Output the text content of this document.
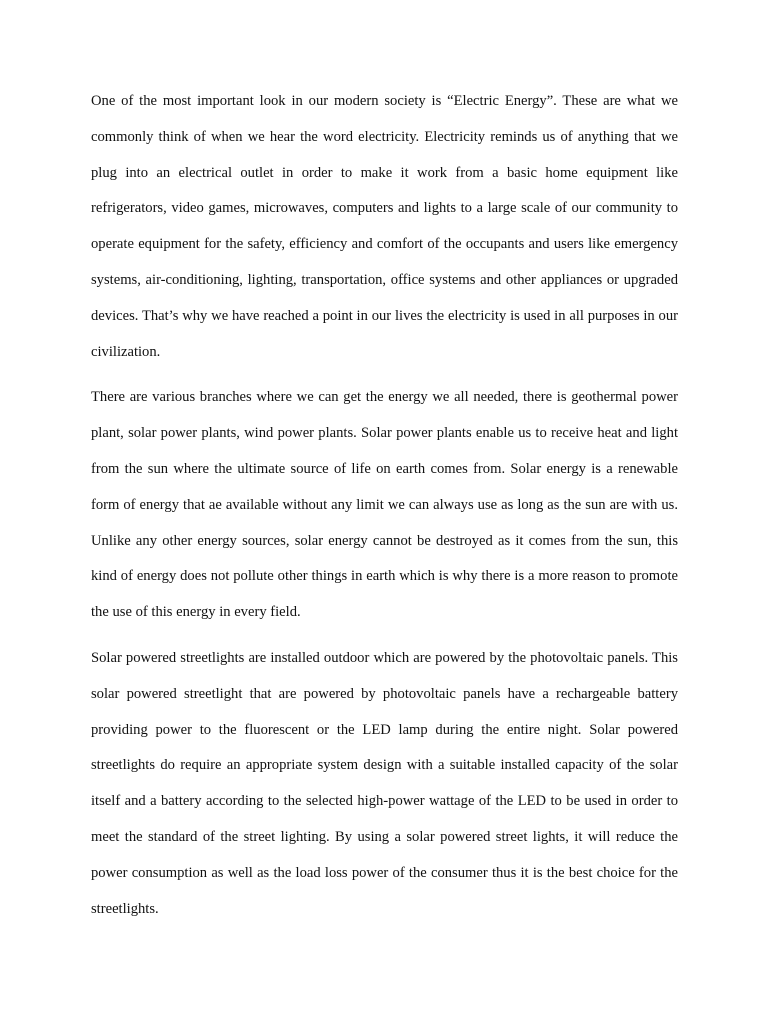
One of the most important look in our modern society is “Electric Energy”. These are what we commonly think of when we hear the word electricity. Electricity reminds us of anything that we plug into an electrical outlet in order to make it work from a basic home equipment like refrigerators, video games, microwaves, computers and lights to a large scale of our community to operate equipment for the safety, efficiency and comfort of the occupants and users like emergency systems, air-conditioning, lighting, transportation, office systems and other appliances or upgraded devices. That’s why we have reached a point in our lives the electricity is used in all purposes in our civilization.

There are various branches where we can get the energy we all needed, there is geothermal power plant, solar power plants, wind power plants. Solar power plants enable us to receive heat and light from the sun where the ultimate source of life on earth comes from. Solar energy is a renewable form of energy that ae available without any limit we can always use as long as the sun are with us. Unlike any other energy sources, solar energy cannot be destroyed as it comes from the sun, this kind of energy does not pollute other things in earth which is why there is a more reason to promote the use of this energy in every field.

Solar powered streetlights are installed outdoor which are powered by the photovoltaic panels. This solar powered streetlight that are powered by photovoltaic panels have a rechargeable battery providing power to the fluorescent or the LED lamp during the entire night. Solar powered streetlights do require an appropriate system design with a suitable installed capacity of the solar itself and a battery according to the selected high-power wattage of the LED to be used in order to meet the standard of the street lighting. By using a solar powered street lights, it will reduce the power consumption as well as the load loss power of the consumer thus it is the best choice for the streetlights.
